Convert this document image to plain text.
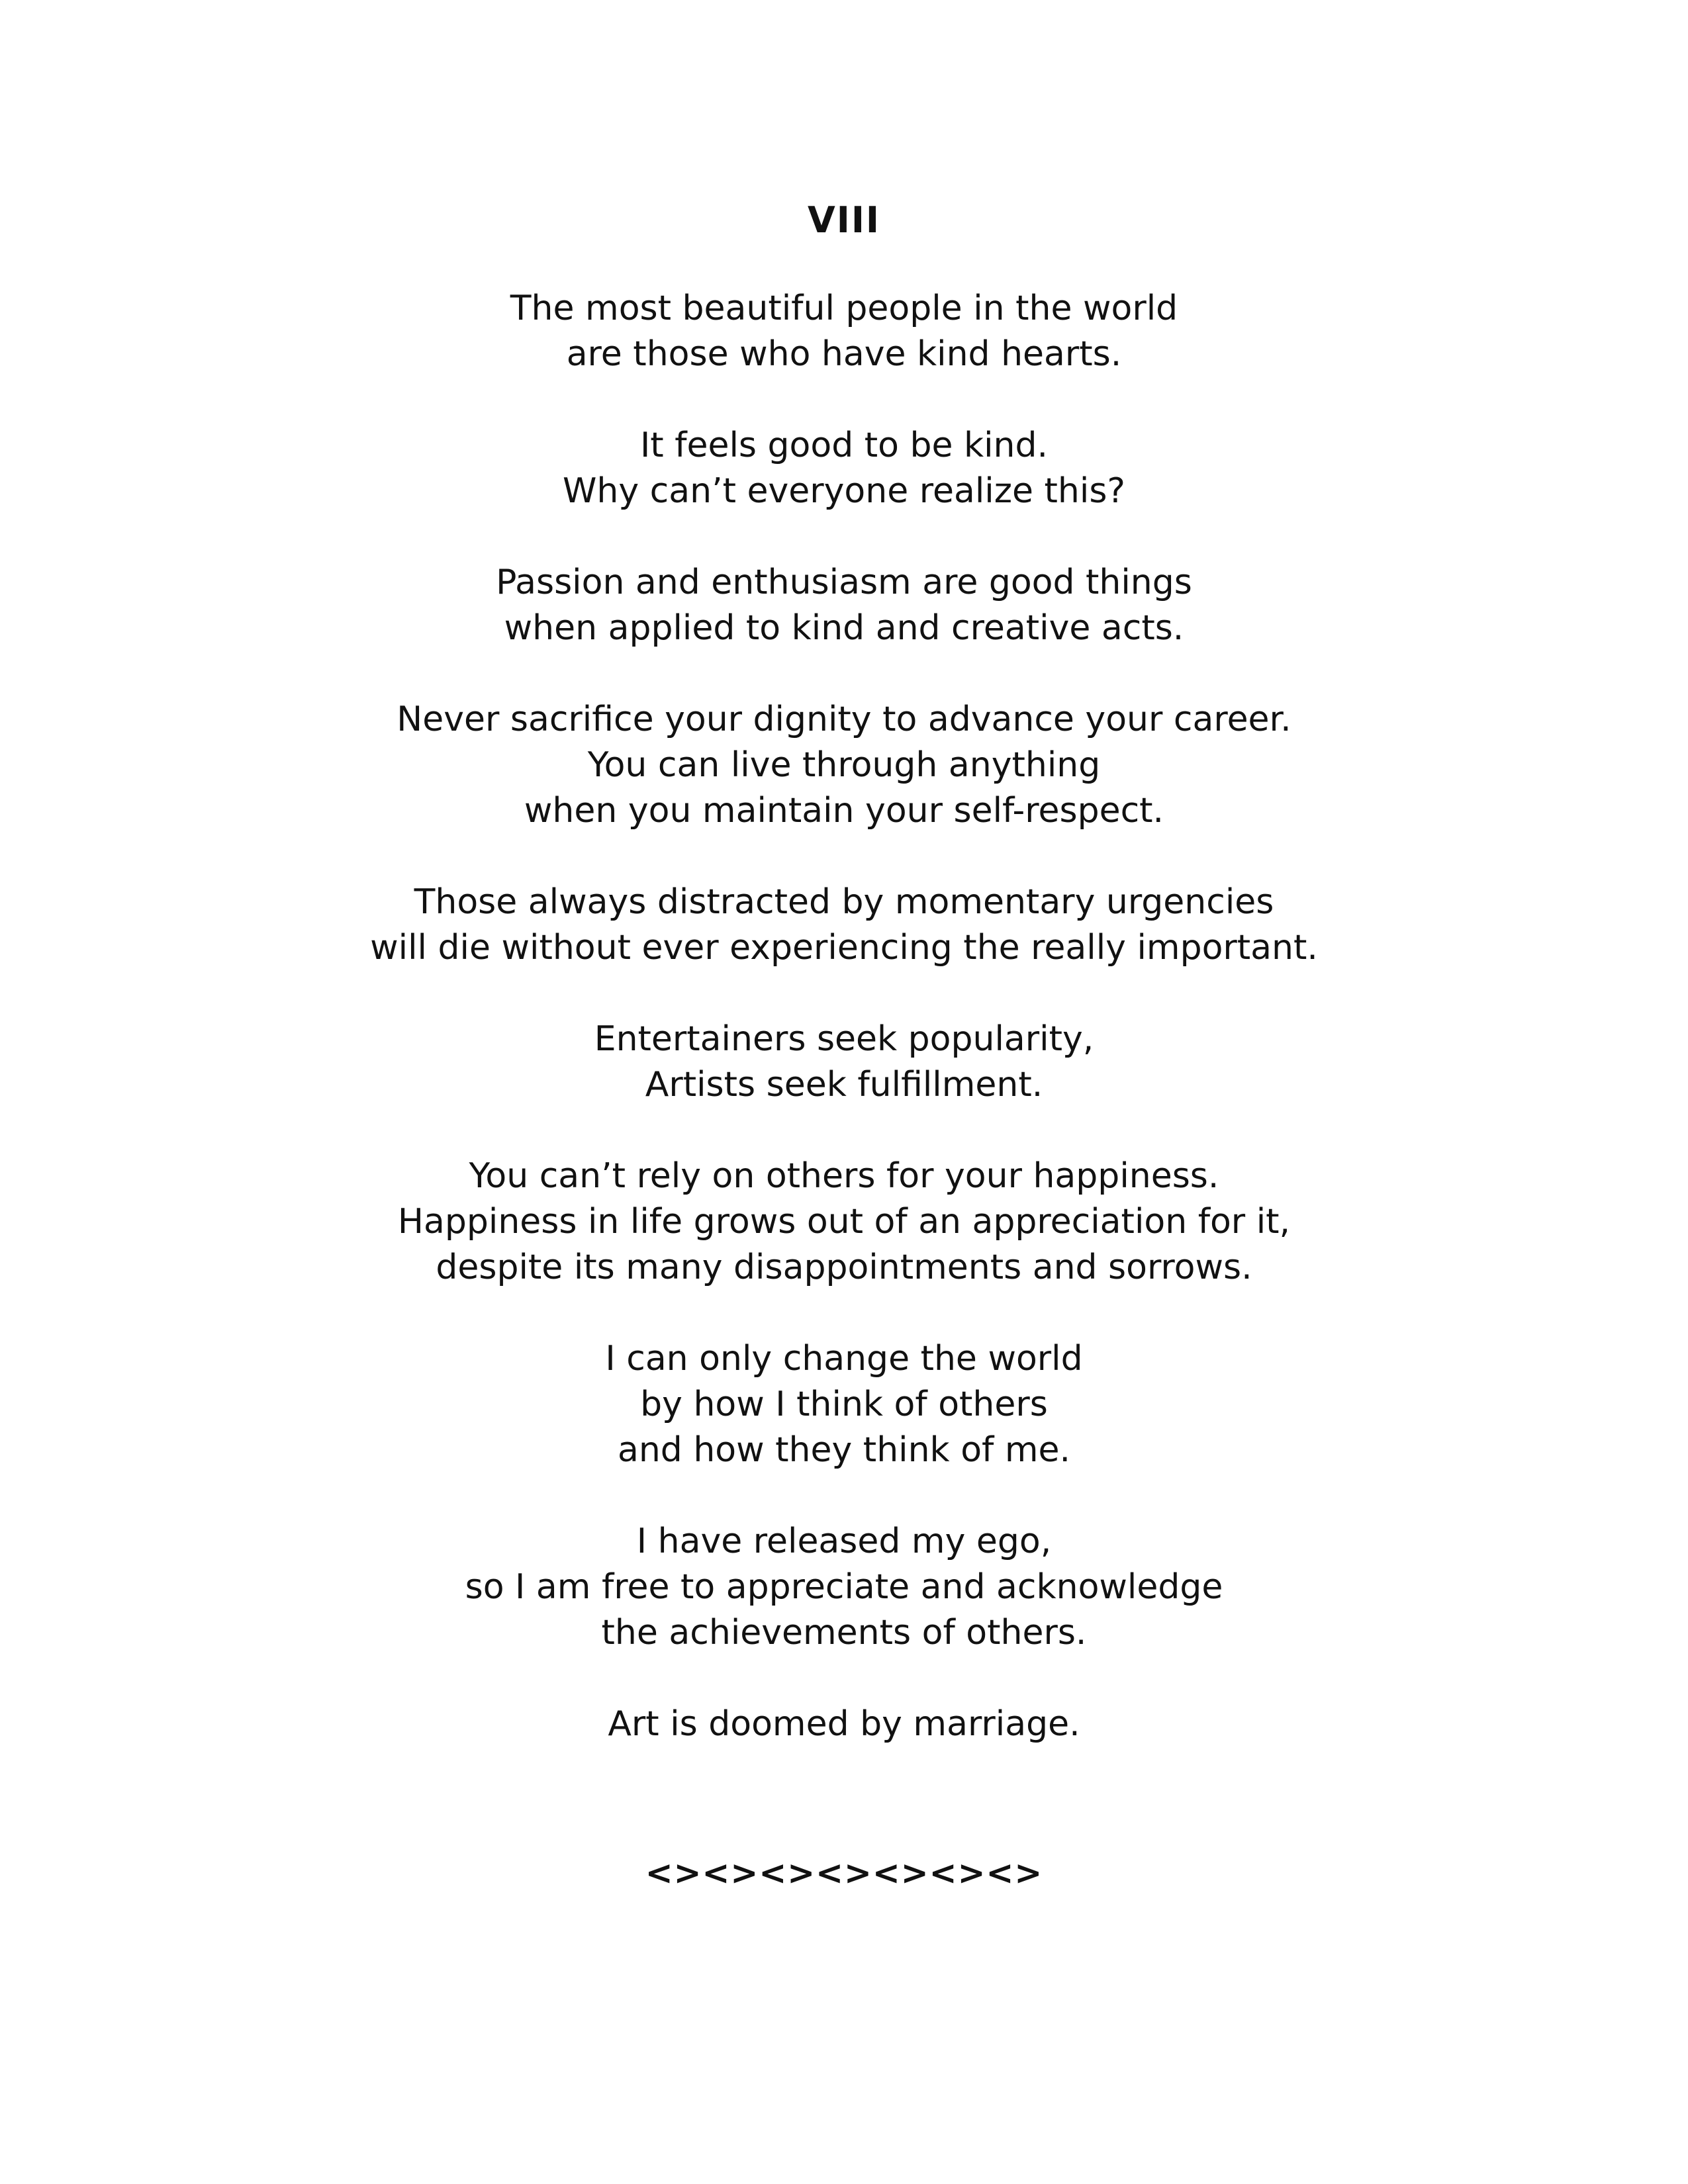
VIII
The most beautiful people in the world
are those who have kind hearts.
It feels good to be kind.
Why can’t everyone realize this?
Passion and enthusiasm are good things
when applied to kind and creative acts.
Never sacrifice your dignity to advance your career.
You can live through anything
when you maintain your self-respect.
Those always distracted by momentary urgencies
will die without ever experiencing the really important.
Entertainers seek popularity,
Artists seek fulfillment.
You can’t rely on others for your happiness.
Happiness in life grows out of an appreciation for it,
despite its many disappointments and sorrows.
I can only change the world
by how I think of others
and how they think of me.
I have released my ego,
so I am free to appreciate and acknowledge
the achievements of others.
Art is doomed by marriage.
<><><><><><><>
